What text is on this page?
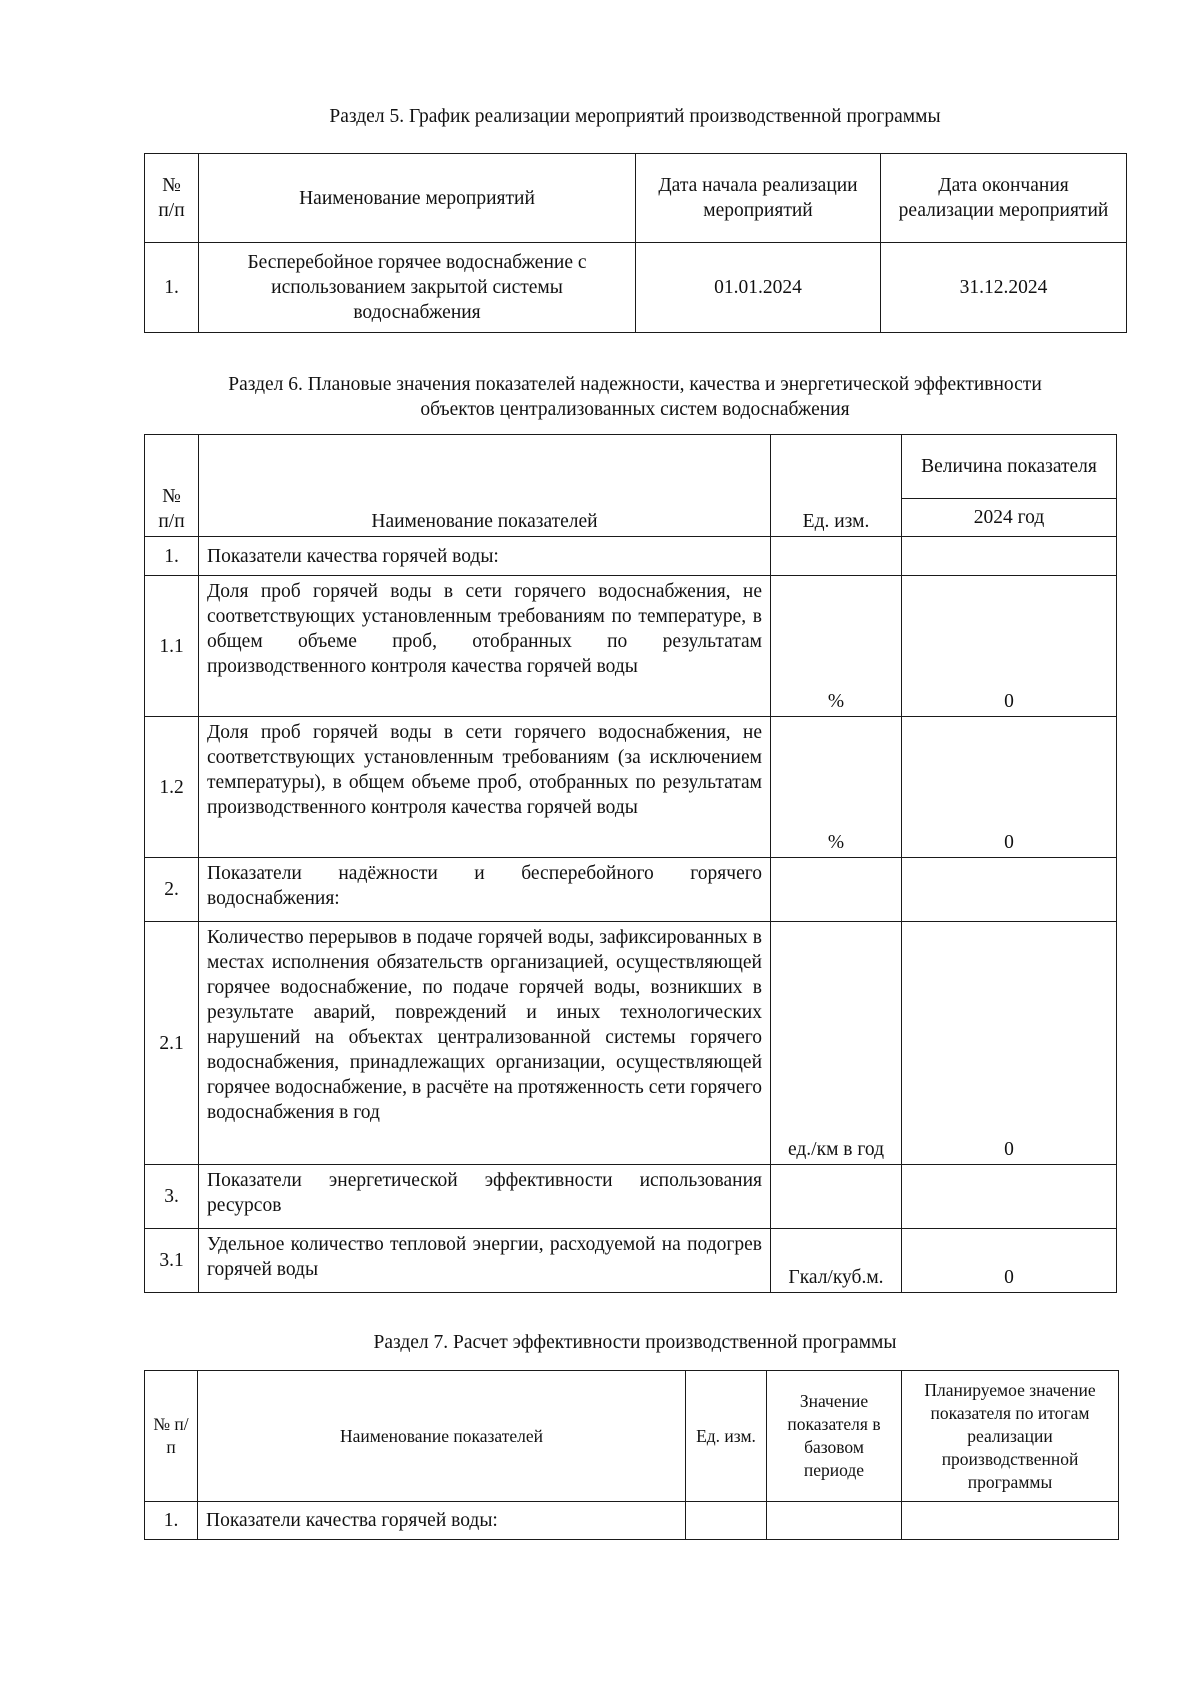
Раздел 5. График реализации мероприятий производственной программы
№ п/п	Наименование мероприятий	Дата начала реализации мероприятий	Дата окончания реализации мероприятий
1.	Бесперебойное горячее водоснабжение с использованием закрытой системы водоснабжения	01.01.2024	31.12.2024
Раздел 6. Плановые значения показателей надежности, качества и энергетической эффективности
объектов централизованных систем водоснабжения
№ п/п	Наименование показателей	Ед. изм.	Величина показателя
			2024 год
1.	Показатели качества горячей воды:		
1.1	Доля проб горячей воды в сети горячего водоснабжения, не соответствующих установленным требованиям по температуре, в общем объеме проб, отобранных по результатам производственного контроля качества горячей воды	%	0
1.2	Доля проб горячей воды в сети горячего водоснабжения, не соответствующих установленным требованиям (за исключением температуры), в общем объеме проб, отобранных по результатам производственного контроля качества горячей воды	%	0
2.	Показатели надёжности и бесперебойного горячего водоснабжения:		
2.1	Количество перерывов в подаче горячей воды, зафиксированных в местах исполнения обязательств организацией, осуществляющей горячее водоснабжение, по подаче горячей воды, возникших в результате аварий, повреждений и иных технологических нарушений на объектах централизованной системы горячего водоснабжения, принадлежащих организации, осуществляющей горячее водоснабжение, в расчёте на протяженность сети горячего водоснабжения в год	ед./км в год	0
3.	Показатели энергетической эффективности использования ресурсов		
3.1	Удельное количество тепловой энергии, расходуемой на подогрев горячей воды	Гкал/куб.м.	0
Раздел 7. Расчет эффективности производственной программы
№ п/п	Наименование показателей	Ед. изм.	Значение показателя в базовом периоде	Планируемое значение показателя по итогам реализации производственной программы
1.	Показатели качества горячей воды:			
